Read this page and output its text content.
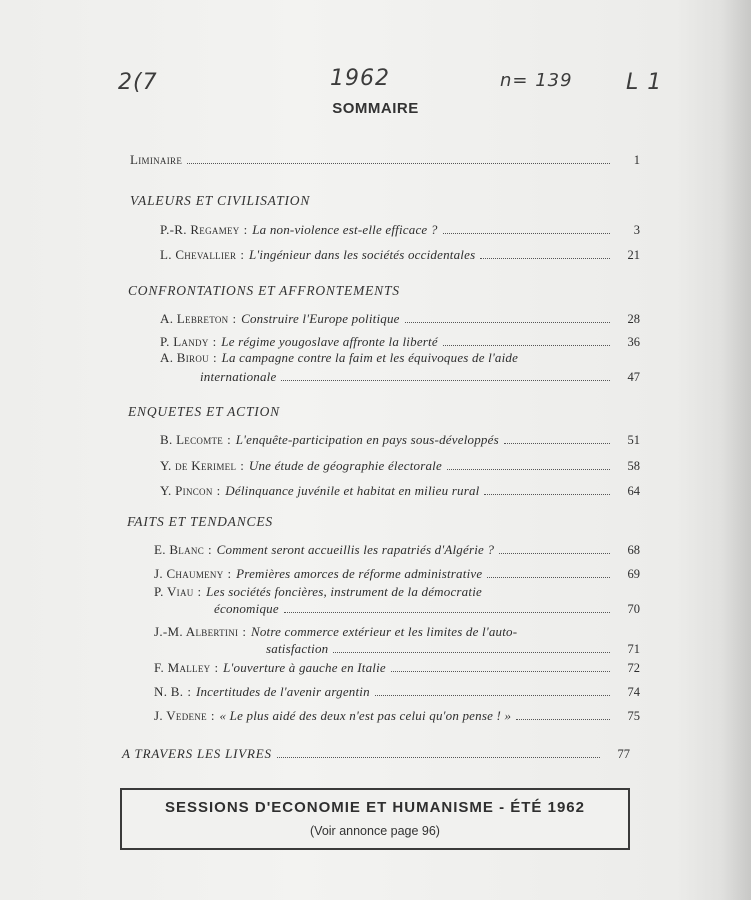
2(7	1962	n= 139 L 1
SOMMAIRE
Liminaire	1
VALEURS ET CIVILISATION
P.-R. Regamey : La non-violence est-elle efficace ?	3
L. Chevallier : L'ingénieur dans les sociétés occidentales	21
CONFRONTATIONS ET AFFRONTEMENTS
A. Lebreton : Construire l'Europe politique	28
P. Landy : Le régime yougoslave affronte la liberté	36
A. Birou : La campagne contre la faim et les équivoques de l'aide
internationale	47
ENQUETES ET ACTION
B. Lecomte : L'enquête-participation en pays sous-développés	51
Y. de Kerimel : Une étude de géographie électorale	58
Y. Pincon : Délinquance juvénile et habitat en milieu rural	64
FAITS ET TENDANCES
E. Blanc : Comment seront accueillis les rapatriés d'Algérie ?	68
J. Chaumeny : Premières amorces de réforme administrative	69
P. Viau : Les sociétés foncières, instrument de la démocratie
économique	70
J.-M. Albertini : Notre commerce extérieur et les limites de l'auto-
satisfaction	71
F. Malley : L'ouverture à gauche en Italie	72
N. B. : Incertitudes de l'avenir argentin	74
J. Vedene : « Le plus aidé des deux n'est pas celui qu'on pense ! »	75
A TRAVERS LES LIVRES	77
SESSIONS D'ECONOMIE ET HUMANISME - ÉTÉ 1962
(Voir annonce page 96)
